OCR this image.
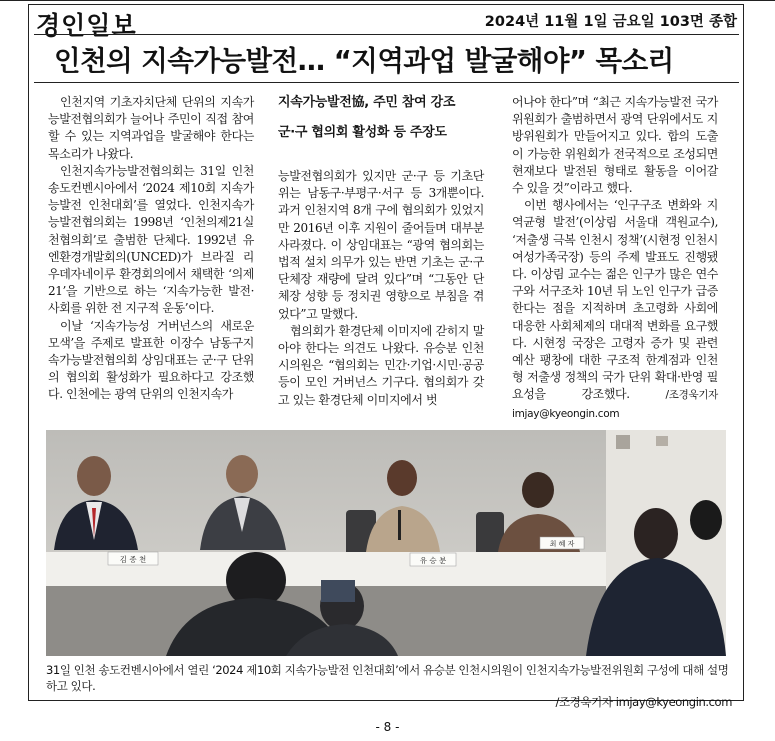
경인일보	2024년 11월 1일 금요일 103면 종합
인천의 지속가능발전… “지역과업 발굴해야” 목소리

인천지역 기초자치단체 단위의 지속가능발전협의회가 늘어나 주민이 직접 참여할 수 있는 지역과업을 발굴해야 한다는 목소리가 나왔다.

인천지속가능발전협의회는 31일 인천 송도컨벤시아에서 ‘2024 제10회 지속가능발전 인천대회’를 열었다. 인천지속가능발전협의회는 1998년 ‘인천의제21실천협의회’로 출범한 단체다. 1992년 유엔환경개발회의(UNCED)가 브라질 리우데자네이루 환경회의에서 채택한 ‘의제21’을 기반으로 하는 ‘지속가능한 발전·사회를 위한 전 지구적 운동’이다.

이날 ‘지속가능성 거버넌스의 새로운 모색’을 주제로 발표한 이장수 남동구지속가능발전협의회 상임대표는 군·구 단위의 협의회 활성화가 필요하다고 강조했다. 인천에는 광역 단위의 인천지속가

지속가능발전協, 주민 참여 강조

군·구 협의회 활성화 등 주장도

능발전협의회가 있지만 군·구 등 기초단위는 남동구·부평구·서구 등 3개뿐이다. 과거 인천지역 8개 구에 협의회가 있었지만 2016년 이후 지원이 줄어들며 대부분 사라졌다. 이 상임대표는 “광역 협의회는 법적 설치 의무가 있는 반면 기초는 군·구 단체장 재량에 달려 있다”며 “그동안 단체장 성향 등 정치권 영향으로 부침을 겪었다”고 말했다.

협의회가 환경단체 이미지에 갇히지 말아야 한다는 의견도 나왔다. 유승분 인천시의원은 “협의회는 민간·기업·시민·공공 등이 모인 거버넌스 기구다. 협의회가 갖고 있는 환경단체 이미지에서 벗

어나야 한다”며 “최근 지속가능발전 국가위원회가 출범하면서 광역 단위에서도 지방위원회가 만들어지고 있다. 합의 도출이 가능한 위원회가 전국적으로 조성되면 현재보다 발전된 형태로 활동을 이어갈 수 있을 것”이라고 했다.

이번 행사에서는 ‘인구구조 변화와 지역균형 발전’(이상림 서울대 객원교수), ‘저출생 극복 인천시 정책’(시현정 인천시 여성가족국장) 등의 주제 발표도 진행됐다. 이상림 교수는 젊은 인구가 많은 연수구와 서구조차 10년 뒤 노인 인구가 급증한다는 점을 지적하며 초고령화 사회에 대응한 사회체제의 대대적 변화를 요구했다. 시현정 국장은 고령자 증가 및 관련 예산 팽창에 대한 구조적 한계점과 인천형 저출생 정책의 국가 단위 확대·반영 필요성을 강조했다.	/조경욱기자 imjay@kyeongin.com

김 종 천	유 승 분
최 혜 자
31일 인천 송도컨벤시아에서 열린 ‘2024 제10회 지속가능발전 인천대회’에서 유승분 인천시의원이 인천지속가능발전위원회 구성에 대해 설명하고 있다.
/조경욱기자 imjay@kyeongin.com
- 8 -
